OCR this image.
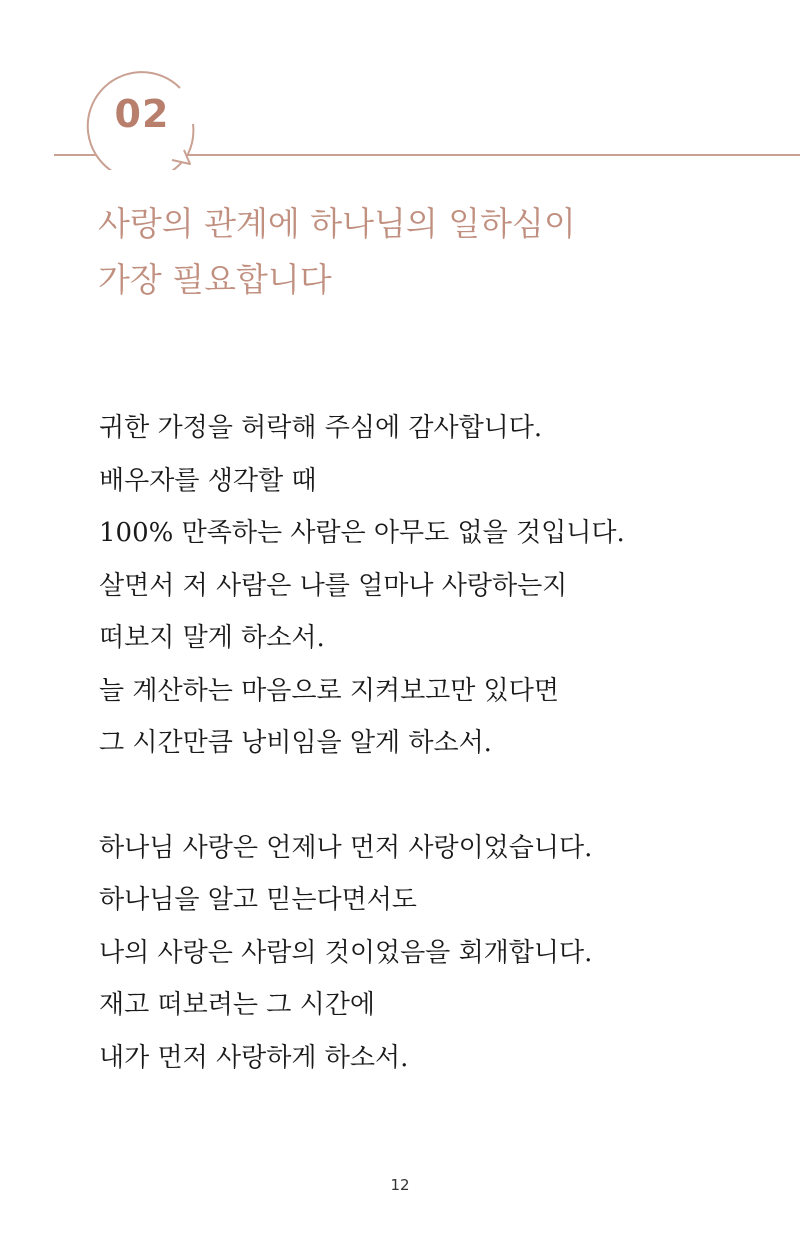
02
사랑의 관계에 하나님의 일하심이
가장 필요합니다

귀한 가정을 허락해 주심에 감사합니다.
배우자를 생각할 때
100% 만족하는 사람은 아무도 없을 것입니다.
살면서 저 사람은 나를 얼마나 사랑하는지
떠보지 말게 하소서.
늘 계산하는 마음으로 지켜보고만 있다면
그 시간만큼 낭비임을 알게 하소서.

하나님 사랑은 언제나 먼저 사랑이었습니다.
하나님을 알고 믿는다면서도
나의 사랑은 사람의 것이었음을 회개합니다.
재고 떠보려는 그 시간에
내가 먼저 사랑하게 하소서.

12
